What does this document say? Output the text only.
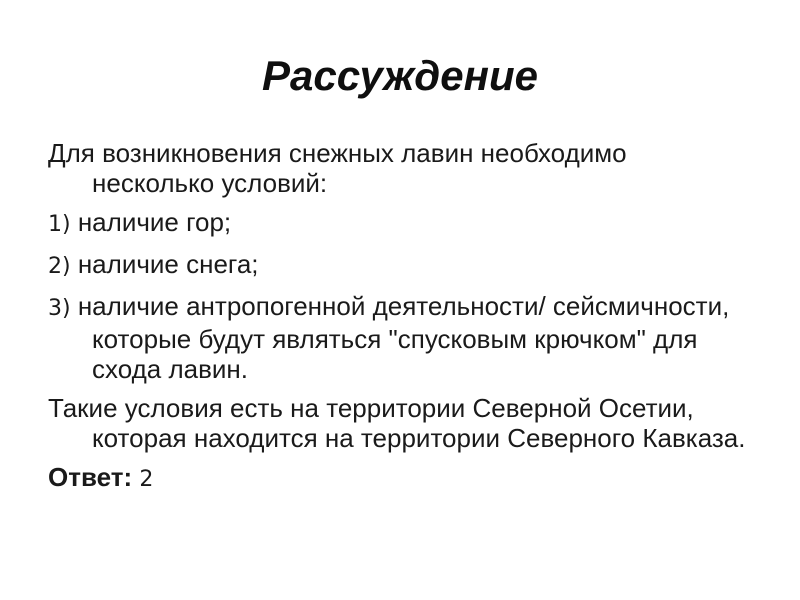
Рассуждение

Для возникновения снежных лавин необходимо несколько условий:

1) наличие гор;

2) наличие снега;

3) наличие антропогенной деятельности/ сейсмичности, которые будут являться "спусковым крючком" для схода лавин.

Такие условия есть на территории Северной Осетии, которая находится на территории Северного Кавказа.

Ответ: 2
